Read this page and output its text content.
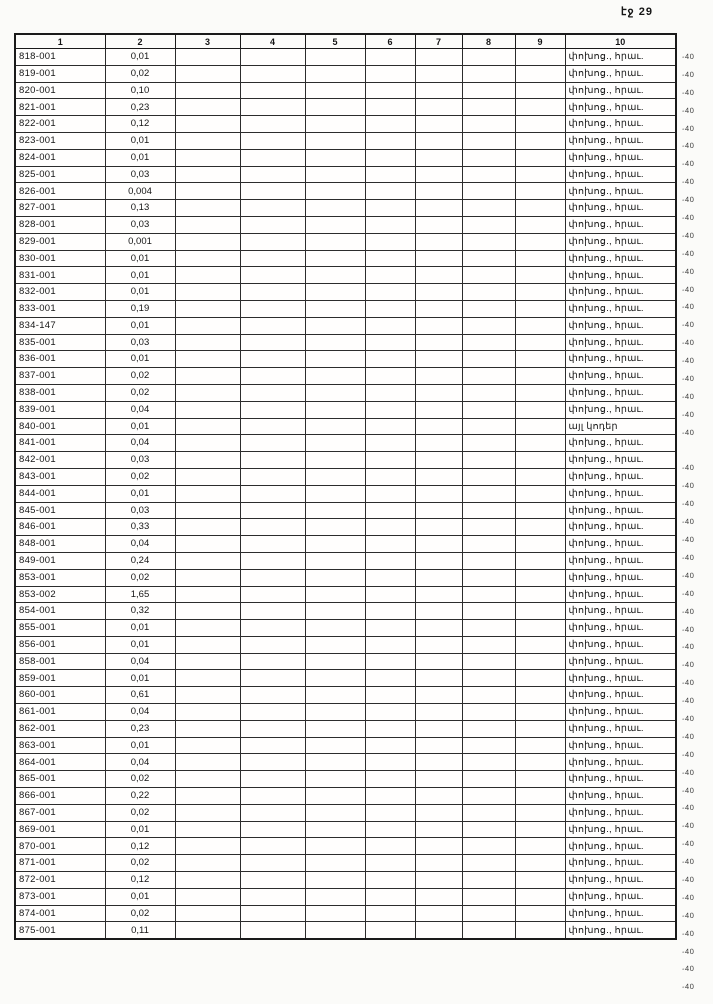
էջ 29
1	2	3	4	5	6	7	8	9	10
818-001	0,01								փոխոց., հրաւ.
819-001	0,02								փոխոց., հրաւ.
820-001	0,10								փոխոց., հրաւ.
821-001	0,23								փոխոց., հրաւ.
822-001	0,12								փոխոց., հրաւ.
823-001	0,01								փոխոց., հրաւ.
824-001	0,01								փոխոց., հրաւ.
825-001	0,03								փոխոց., հրաւ.
826-001	0,004								փոխոց., հրաւ.
827-001	0,13								փոխոց., հրաւ.
828-001	0,03								փոխոց., հրաւ.
829-001	0,001								փոխոց., հրաւ.
830-001	0,01								փոխոց., հրաւ.
831-001	0,01								փոխոց., հրաւ.
832-001	0,01								փոխոց., հրաւ.
833-001	0,19								փոխոց., հրաւ.
834-147	0,01								փոխոց., հրաւ.
835-001	0,03								փոխոց., հրաւ.
836-001	0,01								փոխոց., հրաւ.
837-001	0,02								փոխոց., հրաւ.
838-001	0,02								փոխոց., հրաւ.
839-001	0,04								փոխոց., հրաւ.
840-001	0,01								այլ կոդեր
841-001	0,04								փոխոց., հրաւ.
842-001	0,03								փոխոց., հրաւ.
843-001	0,02								փոխոց., հրաւ.
844-001	0,01								փոխոց., հրաւ.
845-001	0,03								փոխոց., հրաւ.
846-001	0,33								փոխոց., հրաւ.
848-001	0,04								փոխոց., հրաւ.
849-001	0,24								փոխոց., հրաւ.
853-001	0,02								փոխոց., հրաւ.
853-002	1,65								փոխոց., հրաւ.
854-001	0,32								փոխոց., հրաւ.
855-001	0,01								փոխոց., հրաւ.
856-001	0,01								փոխոց., հրաւ.
858-001	0,04								փոխոց., հրաւ.
859-001	0,01								փոխոց., հրաւ.
860-001	0,61								փոխոց., հրաւ.
861-001	0,04								փոխոց., հրաւ.
862-001	0,23								փոխոց., հրաւ.
863-001	0,01								փոխոց., հրաւ.
864-001	0,04								փոխոց., հրաւ.
865-001	0,02								փոխոց., հրաւ.
866-001	0,22								փոխոց., հրաւ.
867-001	0,02								փոխոց., հրաւ.
869-001	0,01								փոխոց., հրաւ.
870-001	0,12								փոխոց., հրաւ.
871-001	0,02								փոխոց., հրաւ.
872-001	0,12								փոխոց., հրաւ.
873-001	0,01								փոխոց., հրաւ.
874-001	0,02								փոխոց., հրաւ.
875-001	0,11								փոխոց., հրաւ.
-40
-40
-40
-40
-40
-40
-40
-40
-40
-40
-40
-40
-40
-40
-40
-40
-40
-40
-40
-40
-40
-40
-40
-40
-40
-40
-40
-40
-40
-40
-40
-40
-40
-40
-40
-40
-40
-40
-40
-40
-40
-40
-40
-40
-40
-40
-40
-40
-40
-40
-40
-40
